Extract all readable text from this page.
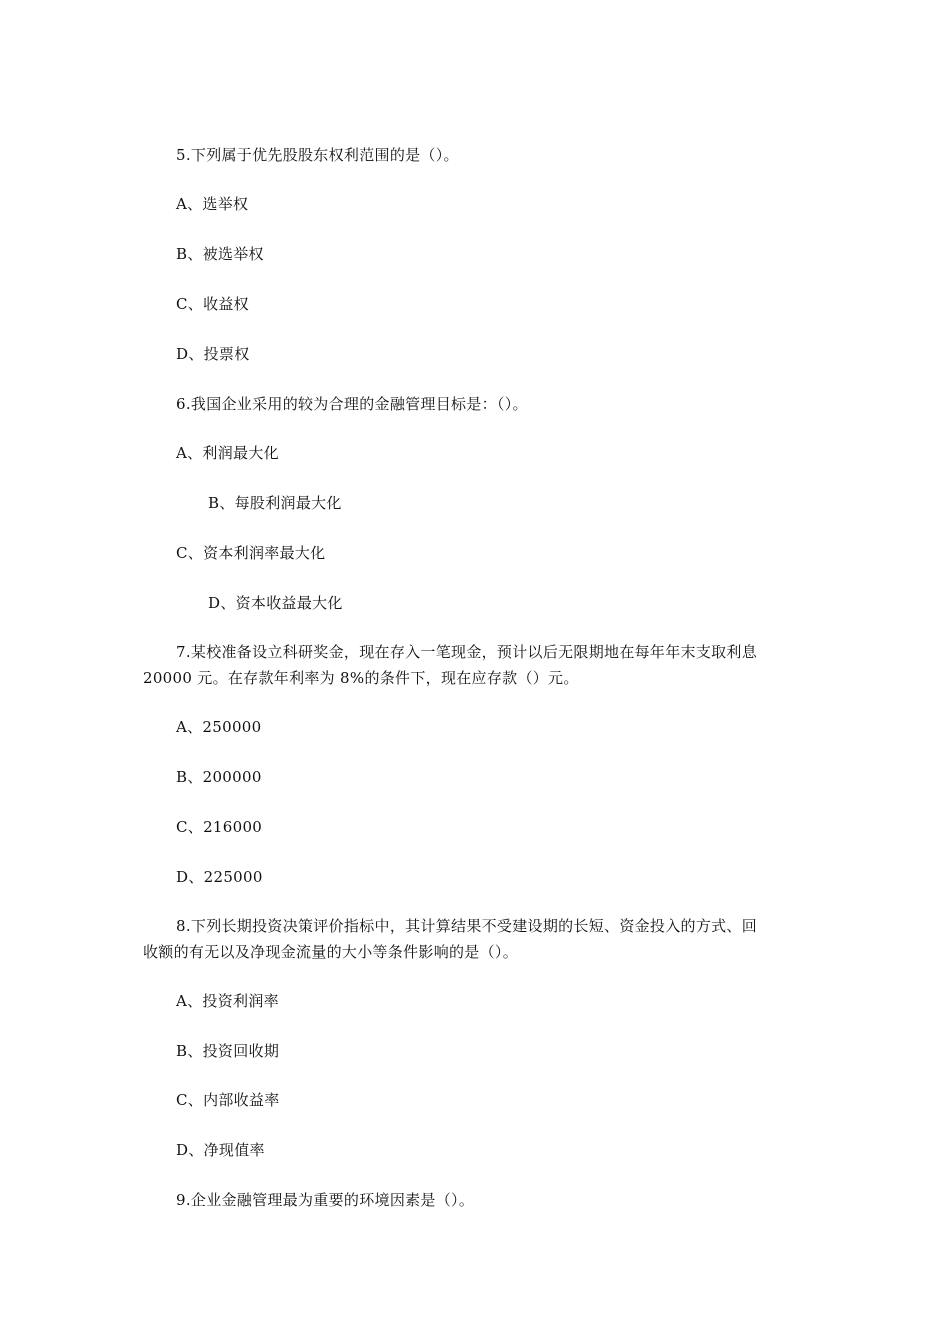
5.下列属于优先股股东权利范围的是（）。
A、选举权
B、被选举权
C、收益权
D、投票权
6.我国企业采用的较为合理的金融管理目标是：（）。
A、利润最大化
B、每股利润最大化
C、资本利润率最大化
D、资本收益最大化
7.某校准备设立科研奖金，现在存入一笔现金，预计以后无限期地在每年年末支取利息
20000 元。在存款年利率为 8%的条件下，现在应存款（）元。
A、250000
B、200000
C、216000
D、225000
8.下列长期投资决策评价指标中，其计算结果不受建设期的长短、资金投入的方式、回
收额的有无以及净现金流量的大小等条件影响的是（）。
A、投资利润率
B、投资回收期
C、内部收益率
D、净现值率
9.企业金融管理最为重要的环境因素是（）。
